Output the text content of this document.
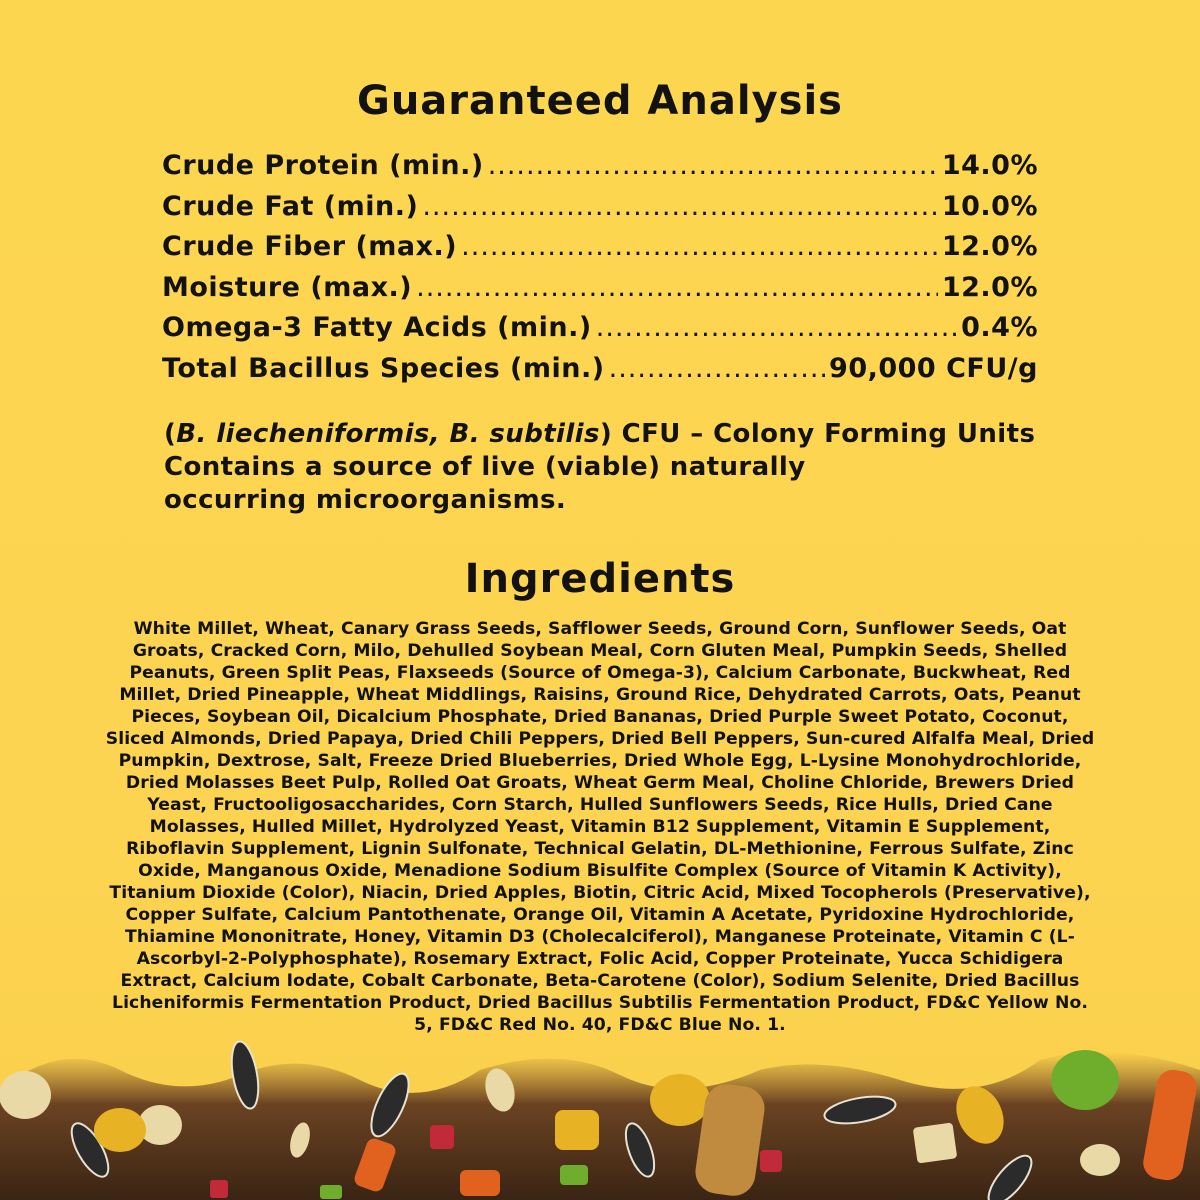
Guaranteed Analysis
Crude Protein (min.) .....	14.0%
Crude Fat (min.) .....	10.0%
Crude Fiber (max.) .....	12.0%
Moisture (max.) .....	12.0%
Omega-3 Fatty Acids (min.) .....	0.4%
Total Bacillus Species (min.) .....	90,000 CFU/g
(B. liecheniformis, B. subtilis) CFU – Colony Forming Units
Contains a source of live (viable) naturally
occurring microorganisms.
Ingredients

White Millet, Wheat, Canary Grass Seeds, Safflower Seeds, Ground Corn, Sunflower Seeds, Oat Groats, Cracked Corn, Milo, Dehulled Soybean Meal, Corn Gluten Meal, Pumpkin Seeds, Shelled Peanuts, Green Split Peas, Flaxseeds (Source of Omega-3), Calcium Carbonate, Buckwheat, Red Millet, Dried Pineapple, Wheat Middlings, Raisins, Ground Rice, Dehydrated Carrots, Oats, Peanut Pieces, Soybean Oil, Dicalcium Phosphate, Dried Bananas, Dried Purple Sweet Potato, Coconut, Sliced Almonds, Dried Papaya, Dried Chili Peppers, Dried Bell Peppers, Sun-cured Alfalfa Meal, Dried Pumpkin, Dextrose, Salt, Freeze Dried Blueberries, Dried Whole Egg, L-Lysine Monohydrochloride, Dried Molasses Beet Pulp, Rolled Oat Groats, Wheat Germ Meal, Choline Chloride, Brewers Dried Yeast, Fructooligosaccharides, Corn Starch, Hulled Sunflowers Seeds, Rice Hulls, Dried Cane Molasses, Hulled Millet, Hydrolyzed Yeast, Vitamin B12 Supplement, Vitamin E Supplement, Riboflavin Supplement, Lignin Sulfonate, Technical Gelatin, DL-Methionine, Ferrous Sulfate, Zinc Oxide, Manganous Oxide, Menadione Sodium Bisulfite Complex (Source of Vitamin K Activity), Titanium Dioxide (Color), Niacin, Dried Apples, Biotin, Citric Acid, Mixed Tocopherols (Preservative), Copper Sulfate, Calcium Pantothenate, Orange Oil, Vitamin A Acetate, Pyridoxine Hydrochloride, Thiamine Mononitrate, Honey, Vitamin D3 (Cholecalciferol), Manganese Proteinate, Vitamin C (L-Ascorbyl-2-Polyphosphate), Rosemary Extract, Folic Acid, Copper Proteinate, Yucca Schidigera Extract, Calcium Iodate, Cobalt Carbonate, Beta-Carotene (Color), Sodium Selenite, Dried Bacillus Licheniformis Fermentation Product, Dried Bacillus Subtilis Fermentation Product, FD&C Yellow No. 5, FD&C Red No. 40, FD&C Blue No. 1.
